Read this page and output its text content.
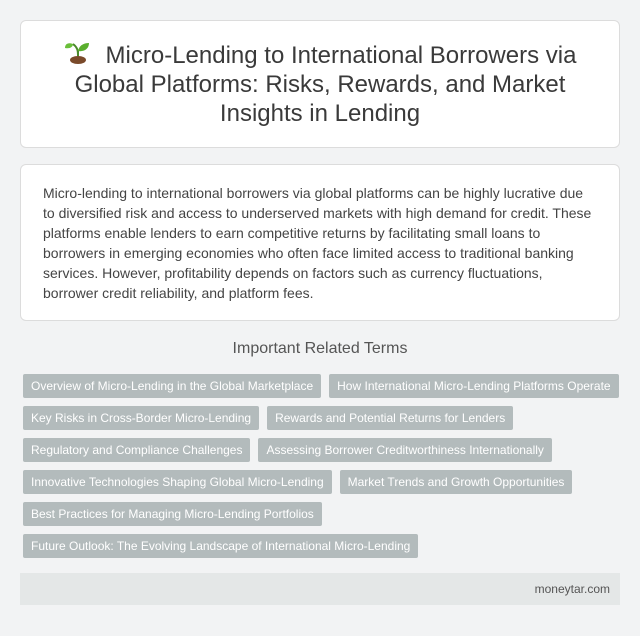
Micro-Lending to International Borrowers via Global Platforms: Risks, Rewards, and Market Insights in Lending

Micro-lending to international borrowers via global platforms can be highly lucrative due to diversified risk and access to underserved markets with high demand for credit. These platforms enable lenders to earn competitive returns by facilitating small loans to borrowers in emerging economies who often face limited access to traditional banking services. However, profitability depends on factors such as currency fluctuations, borrower credit reliability, and platform fees.

Important Related Terms
Overview of Micro-Lending in the Global Marketplace	How International Micro-Lending Platforms Operate
Key Risks in Cross-Border Micro-Lending	Rewards and Potential Returns for Lenders
Regulatory and Compliance Challenges	Assessing Borrower Creditworthiness Internationally
Innovative Technologies Shaping Global Micro-Lending	Market Trends and Growth Opportunities
Best Practices for Managing Micro-Lending Portfolios
Future Outlook: The Evolving Landscape of International Micro-Lending
moneytar.com
